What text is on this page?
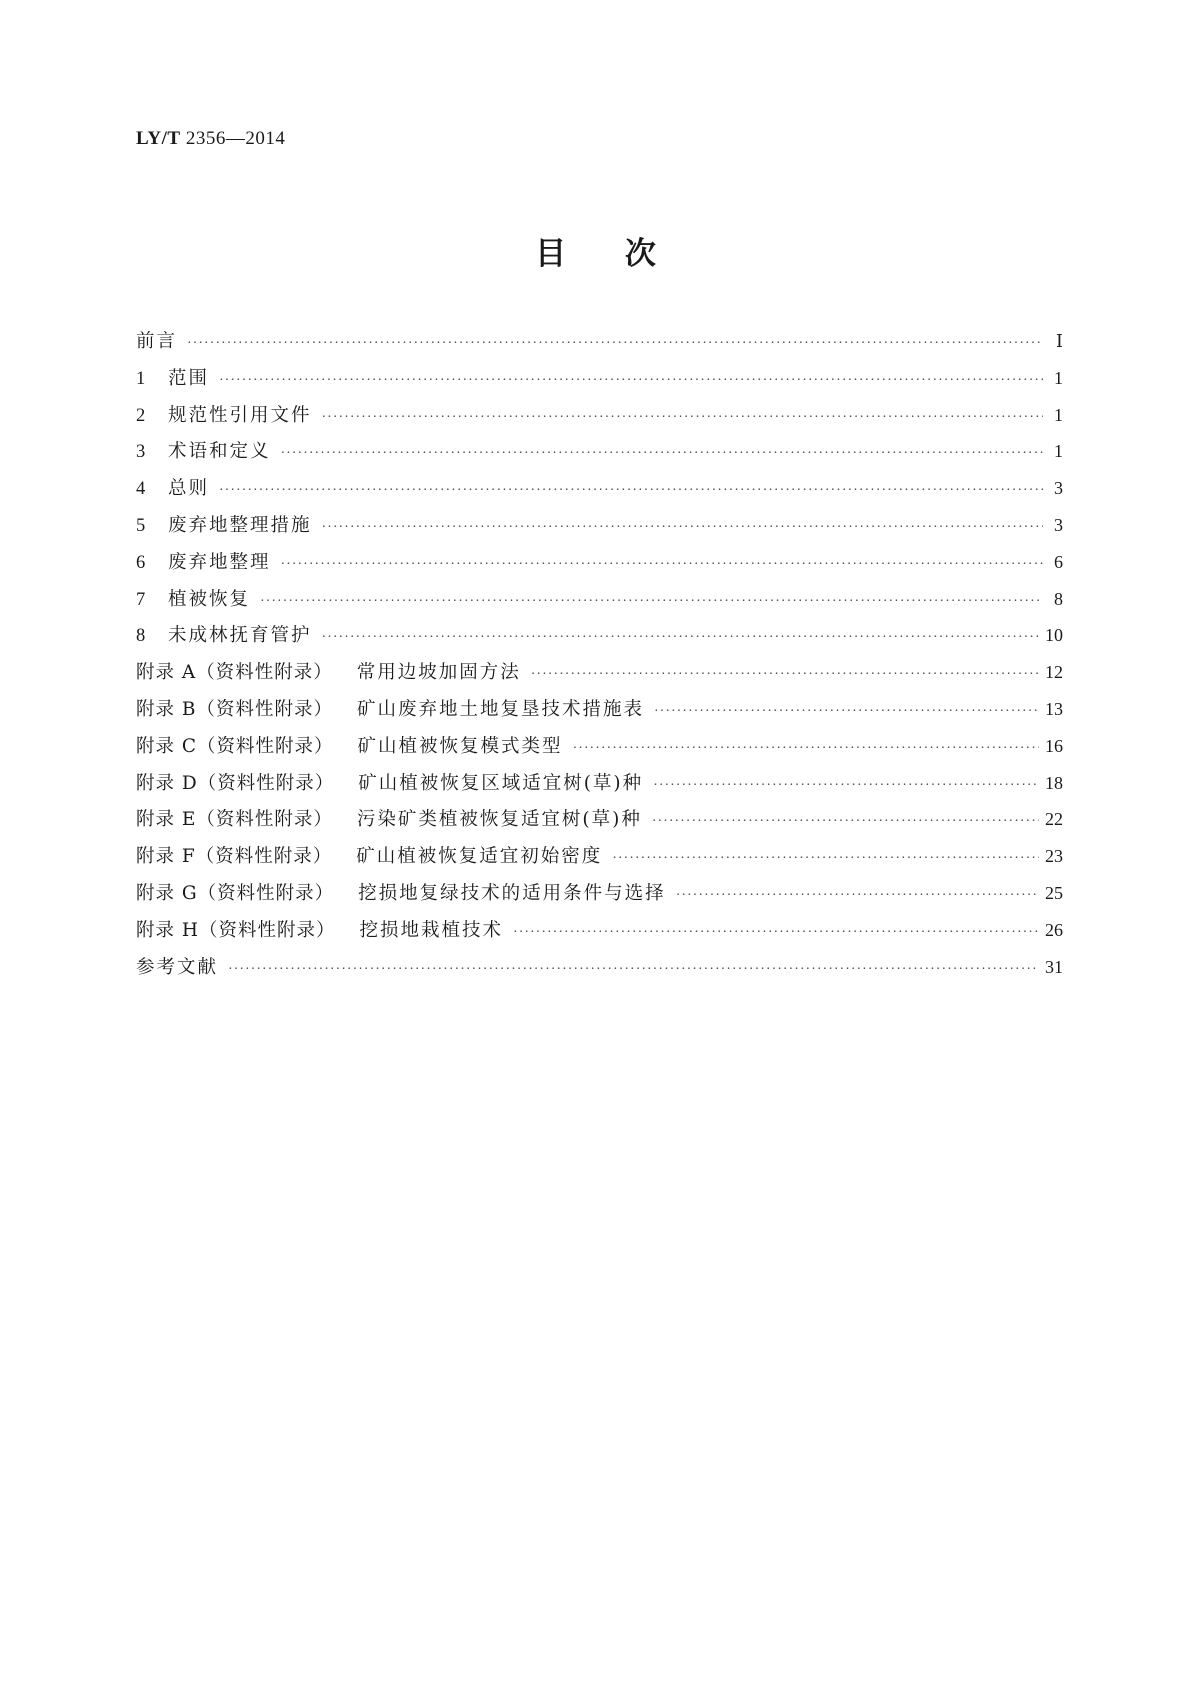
LY/T 2356—2014
目 次
前言 ·····	Ⅰ
1	范围 ·····	1
2	规范性引用文件 ·····	1
3	术语和定义 ·····	1
4	总则 ·····	3
5	废弃地整理措施 ·····	3
6	废弃地整理 ·····	6
7	植被恢复 ·····	8
8	未成林抚育管护 ·····	10
附录 A（资料性附录） 常用边坡加固方法 ·····	12
附录 B（资料性附录） 矿山废弃地土地复垦技术措施表 ·····	13
附录 C（资料性附录） 矿山植被恢复模式类型 ·····	16
附录 D（资料性附录） 矿山植被恢复区域适宜树(草)种 ·····	18
附录 E（资料性附录） 污染矿类植被恢复适宜树(草)种 ·····	22
附录 F（资料性附录） 矿山植被恢复适宜初始密度 ·····	23
附录 G（资料性附录） 挖损地复绿技术的适用条件与选择 ·····	25
附录 H（资料性附录） 挖损地栽植技术 ·····	26
参考文献 ·····	31
